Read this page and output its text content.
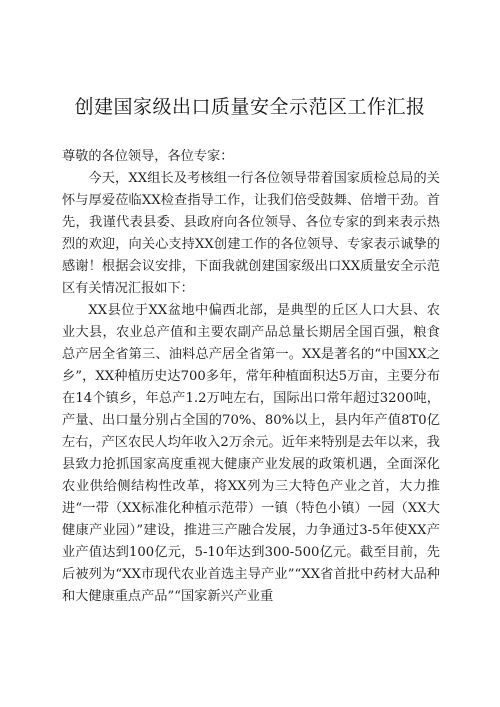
创建国家级出口质量安全示范区工作汇报

尊敬的各位领导，各位专家：

今天，XX组长及考核组一行各位领导带着国家质检总局的关怀与厚爱莅临XX检查指导工作，让我们倍受鼓舞、倍增干劲。首先，我谨代表县委、县政府向各位领导、各位专家的到来表示热烈的欢迎，向关心支持XX创建工作的各位领导、专家表示诚挚的感谢！根据会议安排，下面我就创建国家级出口XX质量安全示范区有关情况汇报如下：

XX县位于XX盆地中偏西北部，是典型的丘区人口大县、农业大县，农业总产值和主要农副产品总量长期居全国百强，粮食总产居全省第三、油料总产居全省第一。XX是著名的“中国XX之乡”，XX种植历史达700多年，常年种植面积达5万亩，主要分布在14个镇乡，年总产1.2万吨左右，国际出口常年超过3200吨，产量、出口量分别占全国的70%、80%以上，县内年产值8T0亿左右，产区农民人均年收入2万余元。近年来特别是去年以来，我县致力抢抓国家高度重视大健康产业发展的政策机遇，全面深化农业供给侧结构性改革，将XX列为三大特色产业之首，大力推进“一带（XX标准化种植示范带）一镇（特色小镇）一园（XX大健康产业园）”建设，推进三产融合发展，力争通过3-5年使XX产业产值达到100亿元，5-10年达到300-500亿元。截至目前，先后被列为“XX市现代农业首选主导产业”“XX省首批中药材大品种和大健康重点产品”“国家新兴产业重
